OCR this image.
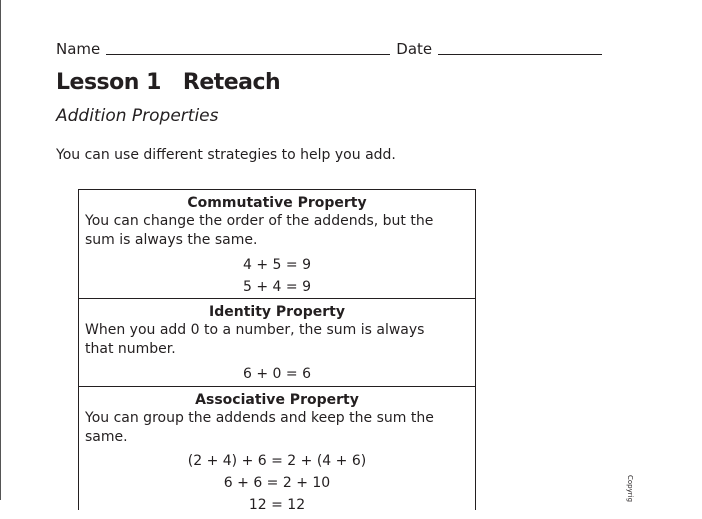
Name	Date
Lesson 1 Reteach
Addition Properties
You can use different strategies to help you add.
Commutative Property

You can change the order of the addends, but the sum is always the same.

4 + 5 = 9
5 + 4 = 9
Identity Property

When you add 0 to a number, the sum is always that number.

6 + 0 = 6
Associative Property

You can group the addends and keep the sum the same.

(2 + 4) + 6 = 2 + (4 + 6)
6 + 6 = 2 + 10
12 = 12
Copyrig
